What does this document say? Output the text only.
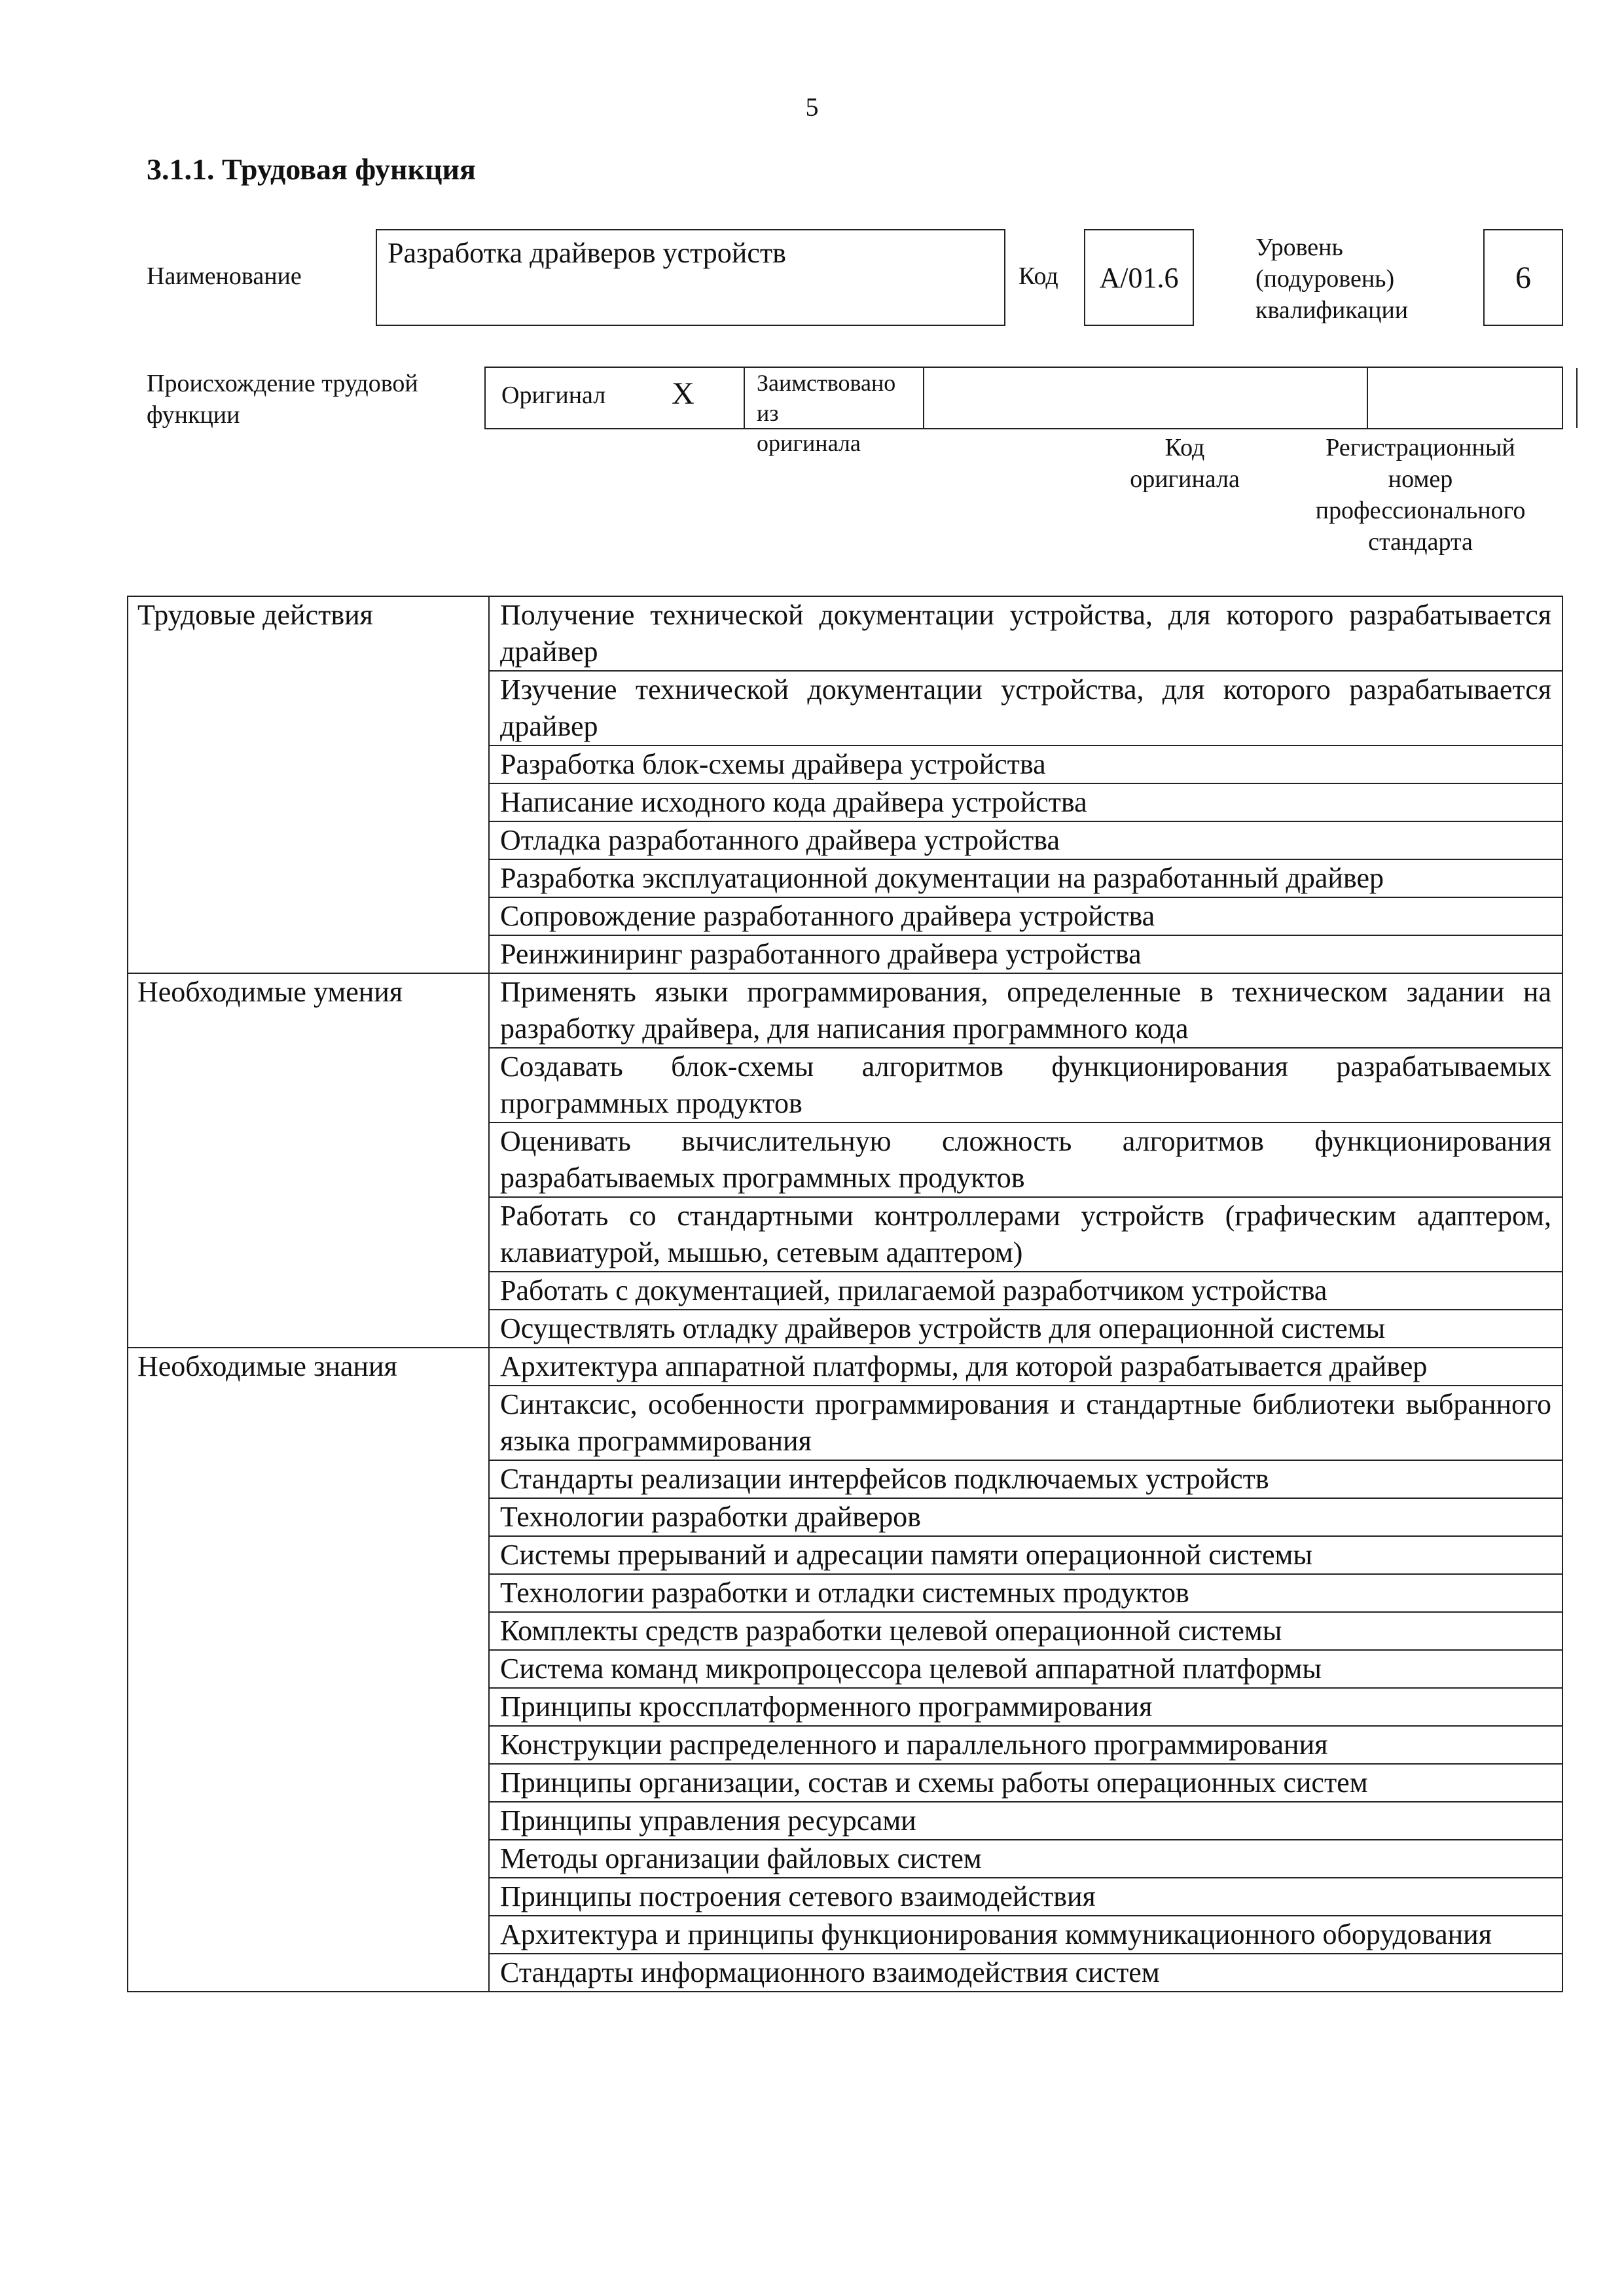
5
3.1.1. Трудовая функция
Наименование
Разработка драйверов устройств
Код	A/01.6
Уровень
(подуровень)
квалификации
6
Происхождение трудовой
функции
Оригинал X	Заимствовано из
оригинала	Код
оригинала
Регистрационный
номер
профессионального
стандарта
Трудовые действия	Получение технической документации устройства, для которого разрабатывается драйвер
	Изучение технической документации устройства, для которого разрабатывается драйвер
	Разработка блок-схемы драйвера устройства
	Написание исходного кода драйвера устройства
	Отладка разработанного драйвера устройства
	Разработка эксплуатационной документации на разработанный драйвер
	Сопровождение разработанного драйвера устройства
	Реинжиниринг разработанного драйвера устройства
Необходимые умения	Применять языки программирования, определенные в техническом задании на разработку драйвера, для написания программного кода
	Создавать блок-схемы алгоритмов функционирования разрабатываемых программных продуктов
	Оценивать вычислительную сложность алгоритмов функционирования разрабатываемых программных продуктов
	Работать со стандартными контроллерами устройств (графическим адаптером, клавиатурой, мышью, сетевым адаптером)
	Работать с документацией, прилагаемой разработчиком устройства
	Осуществлять отладку драйверов устройств для операционной системы
Необходимые знания	Архитектура аппаратной платформы, для которой разрабатывается драйвер
	Синтаксис, особенности программирования и стандартные библиотеки выбранного языка программирования
	Стандарты реализации интерфейсов подключаемых устройств
	Технологии разработки драйверов
	Системы прерываний и адресации памяти операционной системы
	Технологии разработки и отладки системных продуктов
	Комплекты средств разработки целевой операционной системы
	Система команд микропроцессора целевой аппаратной платформы
	Принципы кроссплатформенного программирования
	Конструкции распределенного и параллельного программирования
	Принципы организации, состав и схемы работы операционных систем
	Принципы управления ресурсами
	Методы организации файловых систем
	Принципы построения сетевого взаимодействия
	Архитектура и принципы функционирования коммуникационного оборудования
	Стандарты информационного взаимодействия систем
